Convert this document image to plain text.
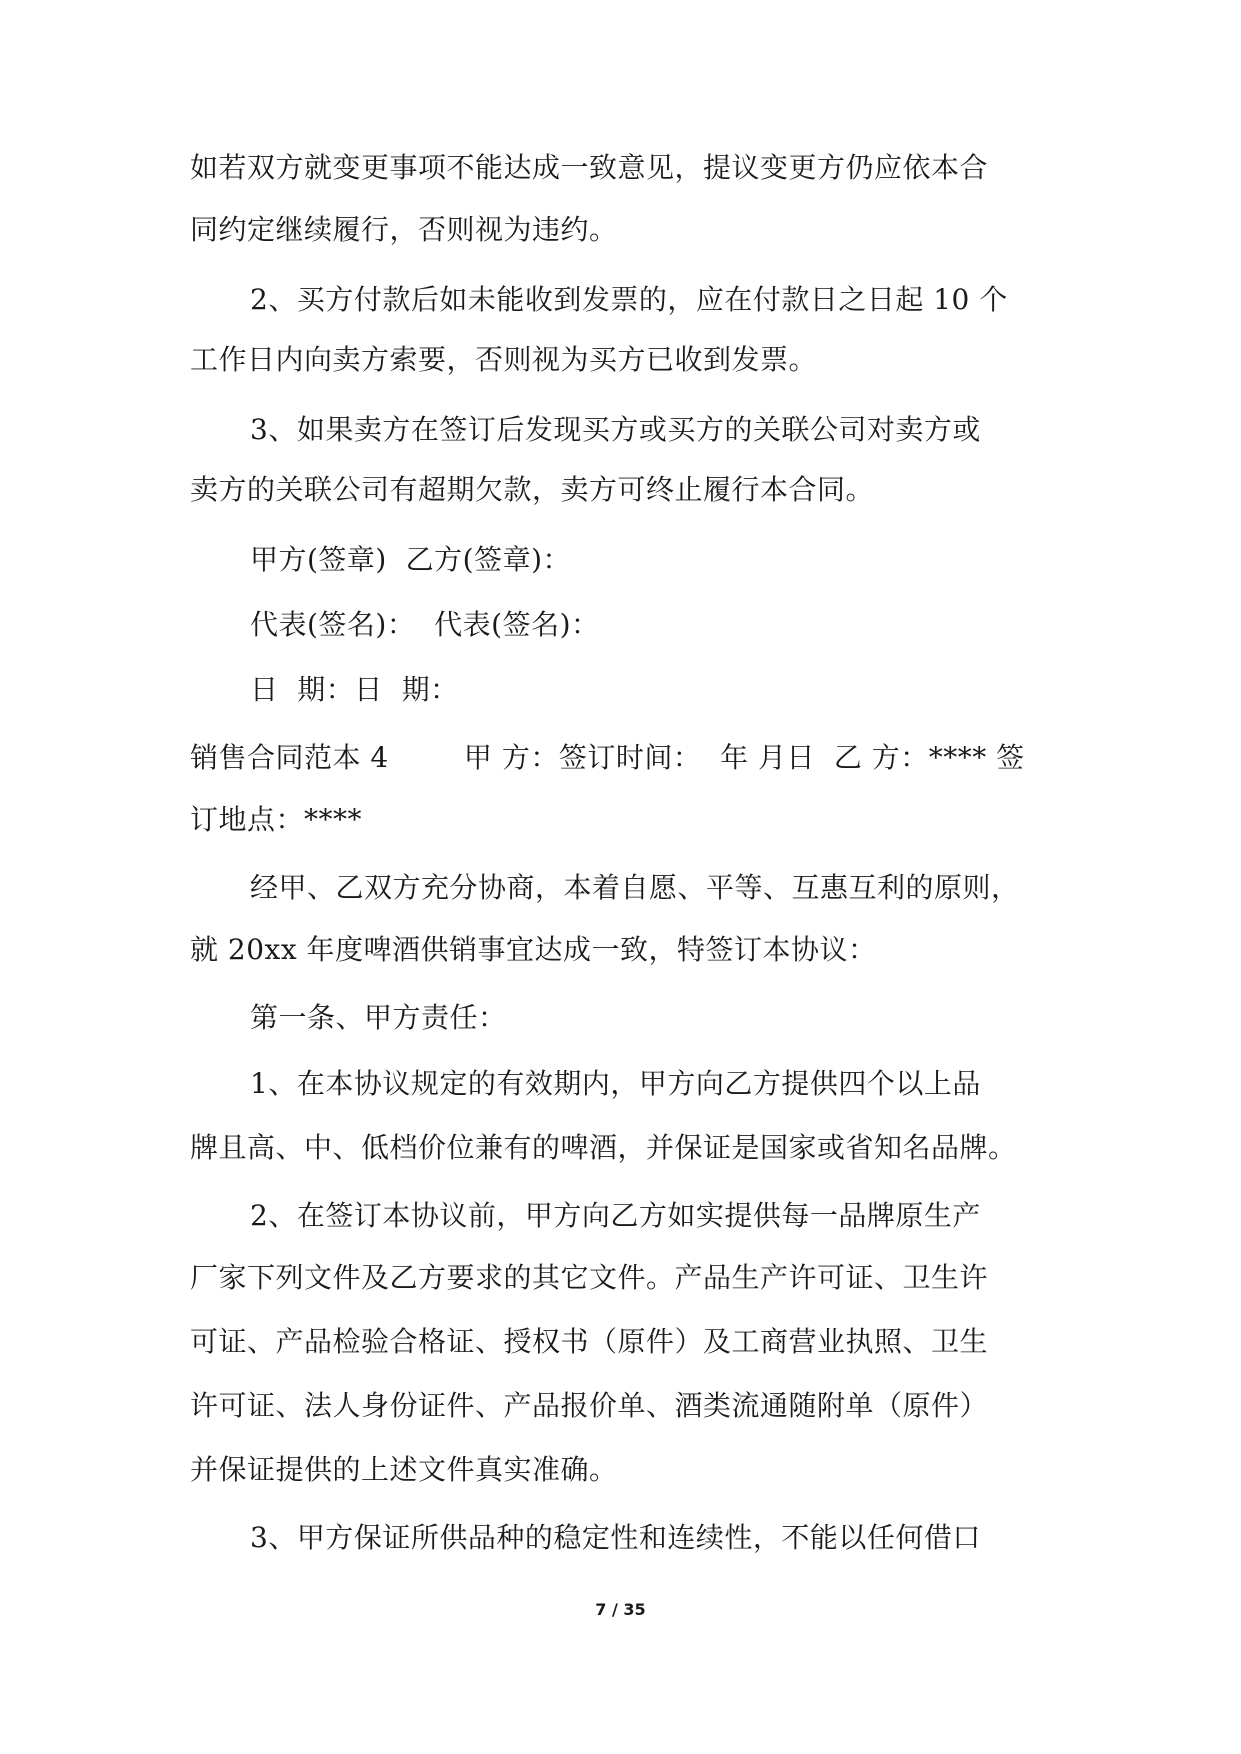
如若双方就变更事项不能达成一致意见，提议变更方仍应依本合
同约定继续履行，否则视为违约。
2、买方付款后如未能收到发票的，应在付款日之日起 10 个
工作日内向卖方索要，否则视为买方已收到发票。
3、如果卖方在签订后发现买方或买方的关联公司对卖方或
卖方的关联公司有超期欠款，卖方可终止履行本合同。
甲方(签章)  乙方(签章)：
代表(签名)：  代表(签名)：
日  期：日  期：
销售合同范本 4        甲 方：签订时间：  年 月日  乙 方：**** 签
订地点：****
经甲、乙双方充分协商，本着自愿、平等、互惠互利的原则，
就 20xx 年度啤酒供销事宜达成一致，特签订本协议：
第一条、甲方责任：
1、在本协议规定的有效期内，甲方向乙方提供四个以上品
牌且高、中、低档价位兼有的啤酒，并保证是国家或省知名品牌。
2、在签订本协议前，甲方向乙方如实提供每一品牌原生产
厂家下列文件及乙方要求的其它文件。产品生产许可证、卫生许
可证、产品检验合格证、授权书（原件）及工商营业执照、卫生
许可证、法人身份证件、产品报价单、酒类流通随附单（原件）
并保证提供的上述文件真实准确。
3、甲方保证所供品种的稳定性和连续性，不能以任何借口
7 / 35
